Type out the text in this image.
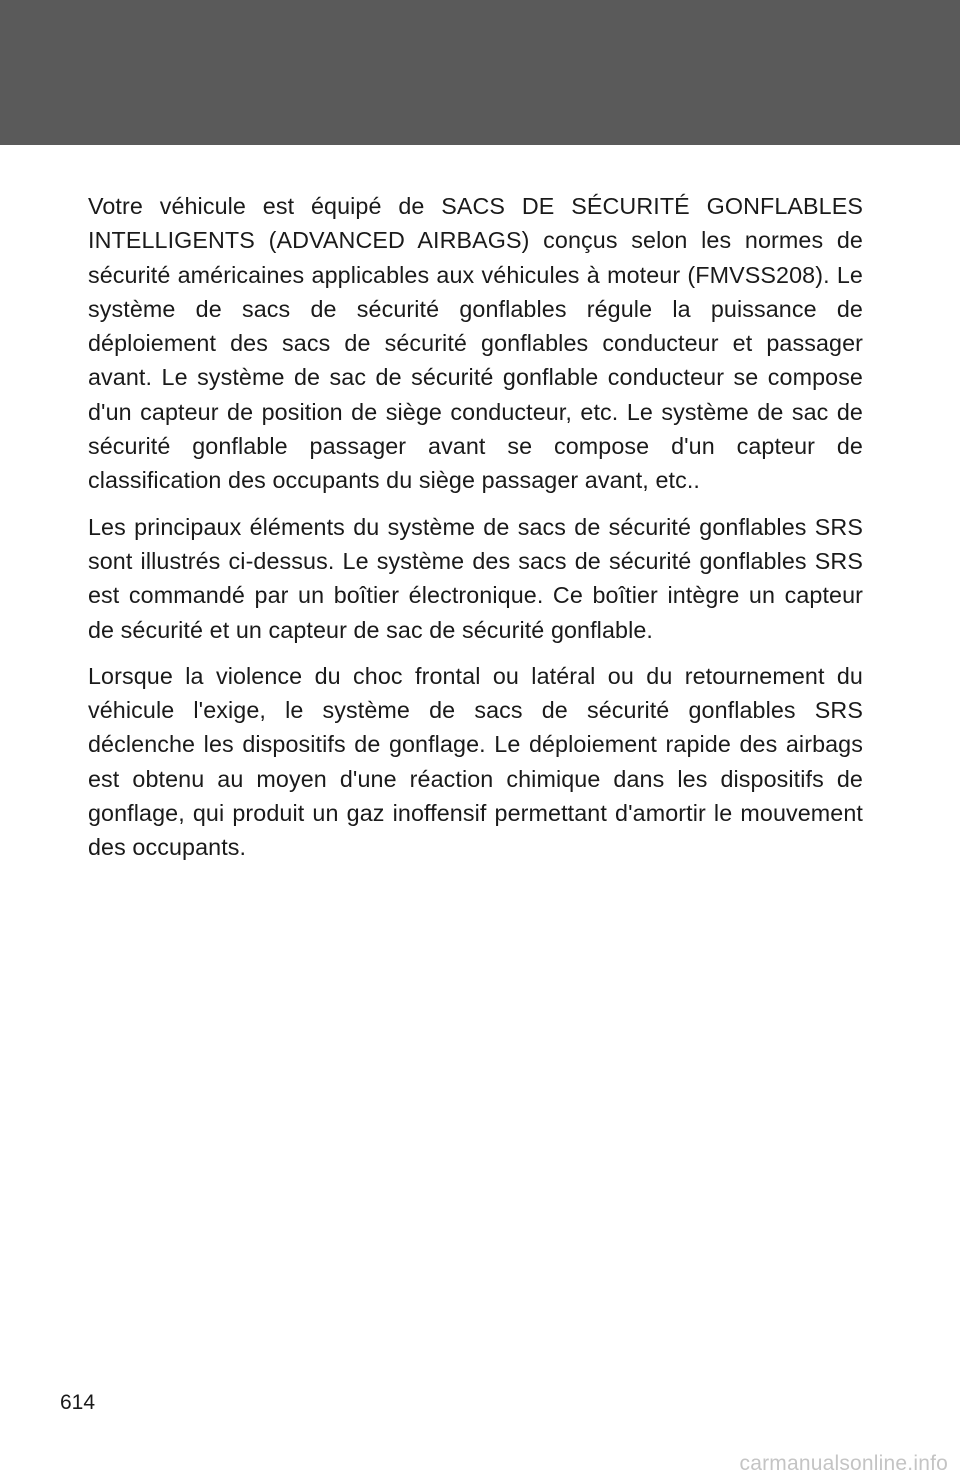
Votre véhicule est équipé de SACS DE SÉCURITÉ GONFLABLES INTELLIGENTS (ADVANCED AIRBAGS) conçus selon les normes de sécurité américaines applicables aux véhicules à moteur (FMVSS208). Le système de sacs de sécurité gonflables régule la puissance de déploiement des sacs de sécurité gonflables conducteur et passager avant. Le système de sac de sécurité gonflable conducteur se compose d'un capteur de position de siège conducteur, etc. Le système de sac de sécurité gonflable passager avant se compose d'un capteur de classification des occupants du siège passager avant, etc..

Les principaux éléments du système de sacs de sécurité gonflables SRS sont illustrés ci-dessus. Le système des sacs de sécurité gonflables SRS est commandé par un boîtier électronique. Ce boîtier intègre un capteur de sécurité et un capteur de sac de sécurité gonflable.

Lorsque la violence du choc frontal ou latéral ou du retournement du véhicule l'exige, le système de sacs de sécurité gonflables SRS déclenche les dispositifs de gonflage. Le déploiement rapide des airbags est obtenu au moyen d'une réaction chimique dans les dispositifs de gonflage, qui produit un gaz inoffensif permettant d'amortir le mouvement des occupants.

614
carmanualsonline.info
